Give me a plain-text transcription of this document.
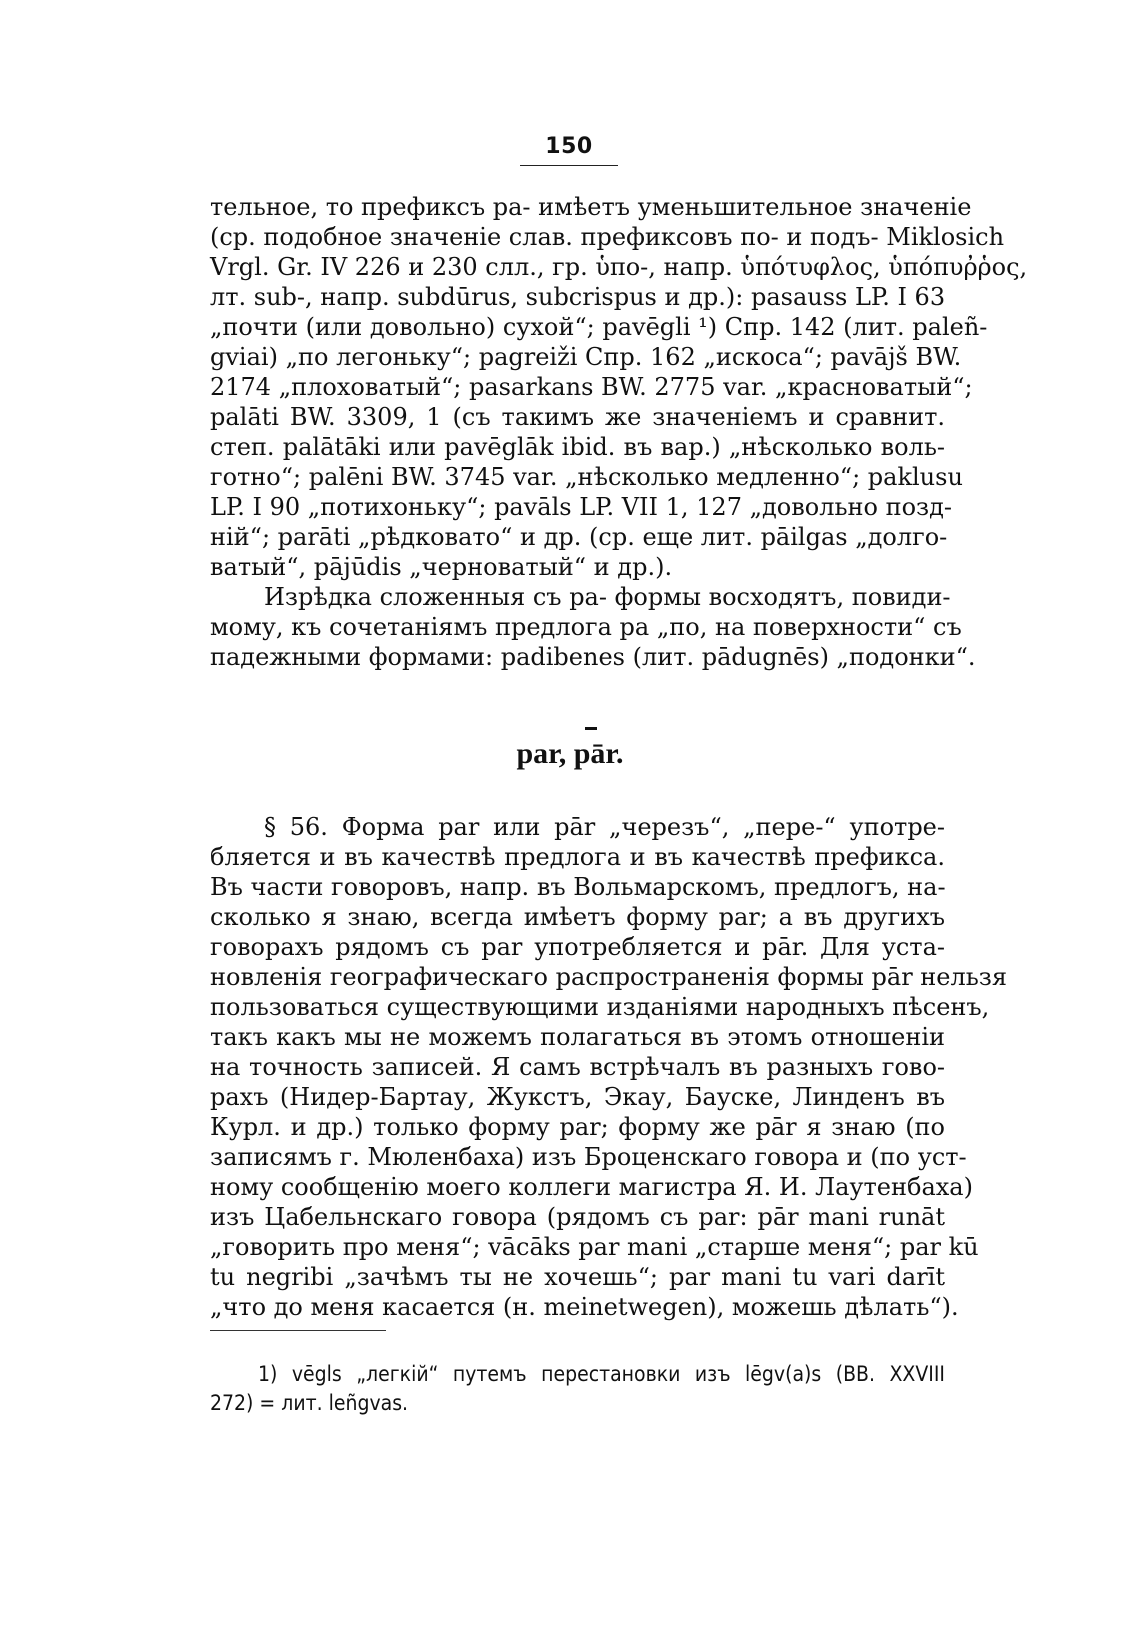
150
тельное, то префиксъ pa- имѣетъ уменьшительное значеніе
(ср. подобное значеніе слав. префиксовъ по- и подъ- Miklosich
Vrgl. Gr. IV 226 и 230 слл., гр. ὑπο-, напр. ὑπότυφλος, ὑπόπυῤῥος,
лт. sub-, напр. subdūrus, subcrispus и др.): pasauss LP. I 63
„почти (или довольно) сухой“; pavēgli ¹) Спр. 142 (лит. paleñ-
gviai) „по легоньку“; pagreiži Спр. 162 „искоса“; pavājš BW.
2174 „плоховатый“; pasarkans BW. 2775 var. „красноватый“;
palāti BW. 3309, 1 (съ такимъ же значеніемъ и сравнит.
степ. palātāki или pavēglāk ibid. въ вар.) „нѣсколько воль-
готно“; palēni BW. 3745 var. „нѣсколько медленно“; paklusu
LP. I 90 „потихоньку“; pavāls LP. VII 1, 127 „довольно позд-
ній“; parāti „рѣдковато“ и др. (ср. еще лит. pāilgas „долго-
ватый“, pājūdis „черноватый“ и др.).
Изрѣдка сложенныя съ pa- формы восходятъ, повиди-
мому, къ сочетаніямъ предлога pa „по, на поверхности“ съ
падежными формами: padibenes (лит. pādugnēs) „подонки“.
par, pār.
§ 56. Форма par или pār „черезъ“, „пере-“ употре-
бляется и въ качествѣ предлога и въ качествѣ префикса.
Въ части говоровъ, напр. въ Вольмарскомъ, предлогъ, на-
сколько я знаю, всегда имѣетъ форму par; а въ другихъ
говорахъ рядомъ съ par употребляется и pār. Для уста-
новленія географическаго распространенія формы pār нельзя
пользоваться существующими изданіями народныхъ пѣсенъ,
такъ какъ мы не можемъ полагаться въ этомъ отношеніи
на точность записей. Я самъ встрѣчалъ въ разныхъ гово-
рахъ (Нидер-Бартау, Жукстъ, Экау, Бауске, Линденъ въ
Курл. и др.) только форму par; форму же pār я знаю (по
записямъ г. Мюленбаха) изъ Броценскаго говора и (по уст-
ному сообщенію моего коллеги магистра Я. И. Лаутенбаха)
изъ Цабельнскаго говора (рядомъ съ par: pār mani runāt
„говорить про меня“; vācāks par mani „старше меня“; par kū
tu negribi „зачѣмъ ты не хочешь“; par mani tu vari darīt
„что до меня касается (н. meinetwegen), можешь дѣлать“).
1) vēgls „легкій“ путемъ перестановки изъ lēgv(a)s (BB. XXVIII
272) = лит. leñgvas.
